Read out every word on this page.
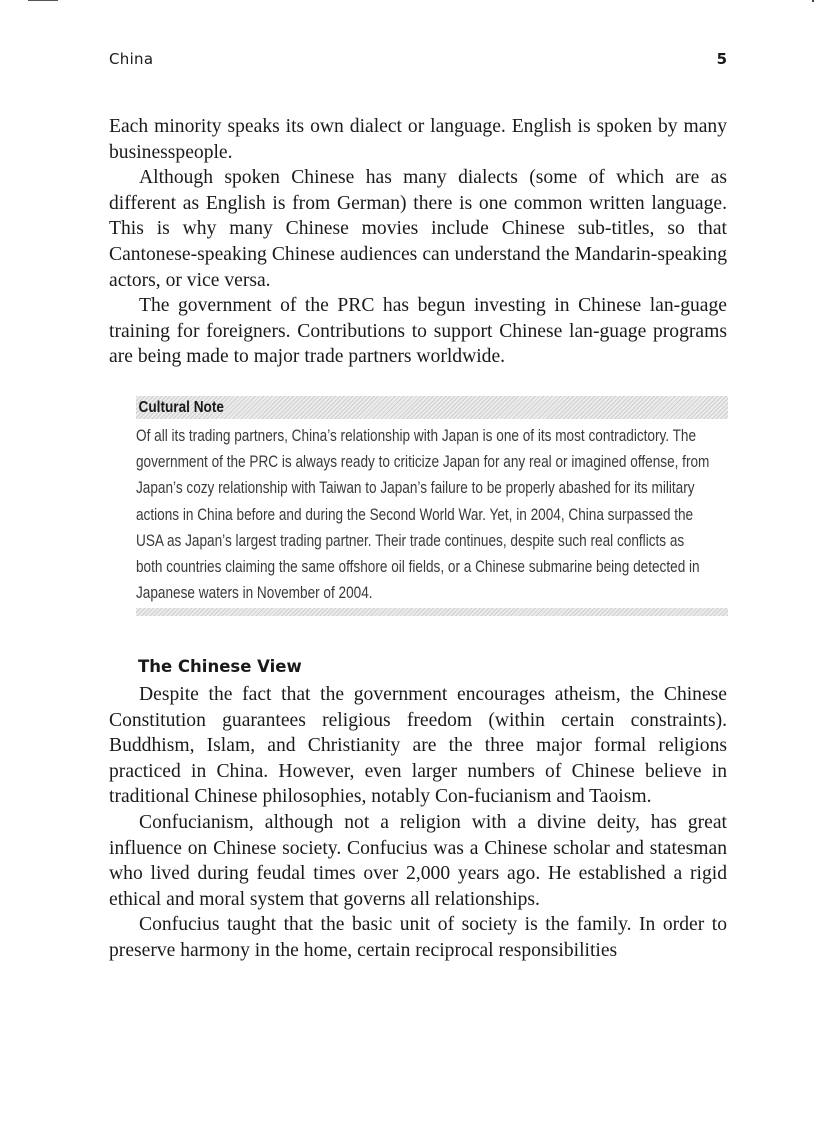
China	5

Each minority speaks its own dialect or language. English is spoken by many businesspeople.

Although spoken Chinese has many dialects (some of which are as different as English is from German) there is one common written language. This is why many Chinese movies include Chinese sub-titles, so that Cantonese-speaking Chinese audiences can understand the Mandarin-speaking actors, or vice versa.

The government of the PRC has begun investing in Chinese lan-guage training for foreigners. Contributions to support Chinese lan-guage programs are being made to major trade partners worldwide.

Cultural Note
Of all its trading partners, China’s relationship with Japan is one of its most contradictory. The
government of the PRC is always ready to criticize Japan for any real or imagined offense, from
Japan’s cozy relationship with Taiwan to Japan’s failure to be properly abashed for its military
actions in China before and during the Second World War. Yet, in 2004, China surpassed the
USA as Japan’s largest trading partner. Their trade continues, despite such real conflicts as
both countries claiming the same offshore oil fields, or a Chinese submarine being detected in
Japanese waters in November of 2004.
The Chinese View

Despite the fact that the government encourages atheism, the Chinese Constitution guarantees religious freedom (within certain constraints). Buddhism, Islam, and Christianity are the three major formal religions practiced in China. However, even larger numbers of Chinese believe in traditional Chinese philosophies, notably Con-fucianism and Taoism.

Confucianism, although not a religion with a divine deity, has great influence on Chinese society. Confucius was a Chinese scholar and statesman who lived during feudal times over 2,000 years ago. He established a rigid ethical and moral system that governs all relationships.

Confucius taught that the basic unit of society is the family. In order to preserve harmony in the home, certain reciprocal responsibilities
